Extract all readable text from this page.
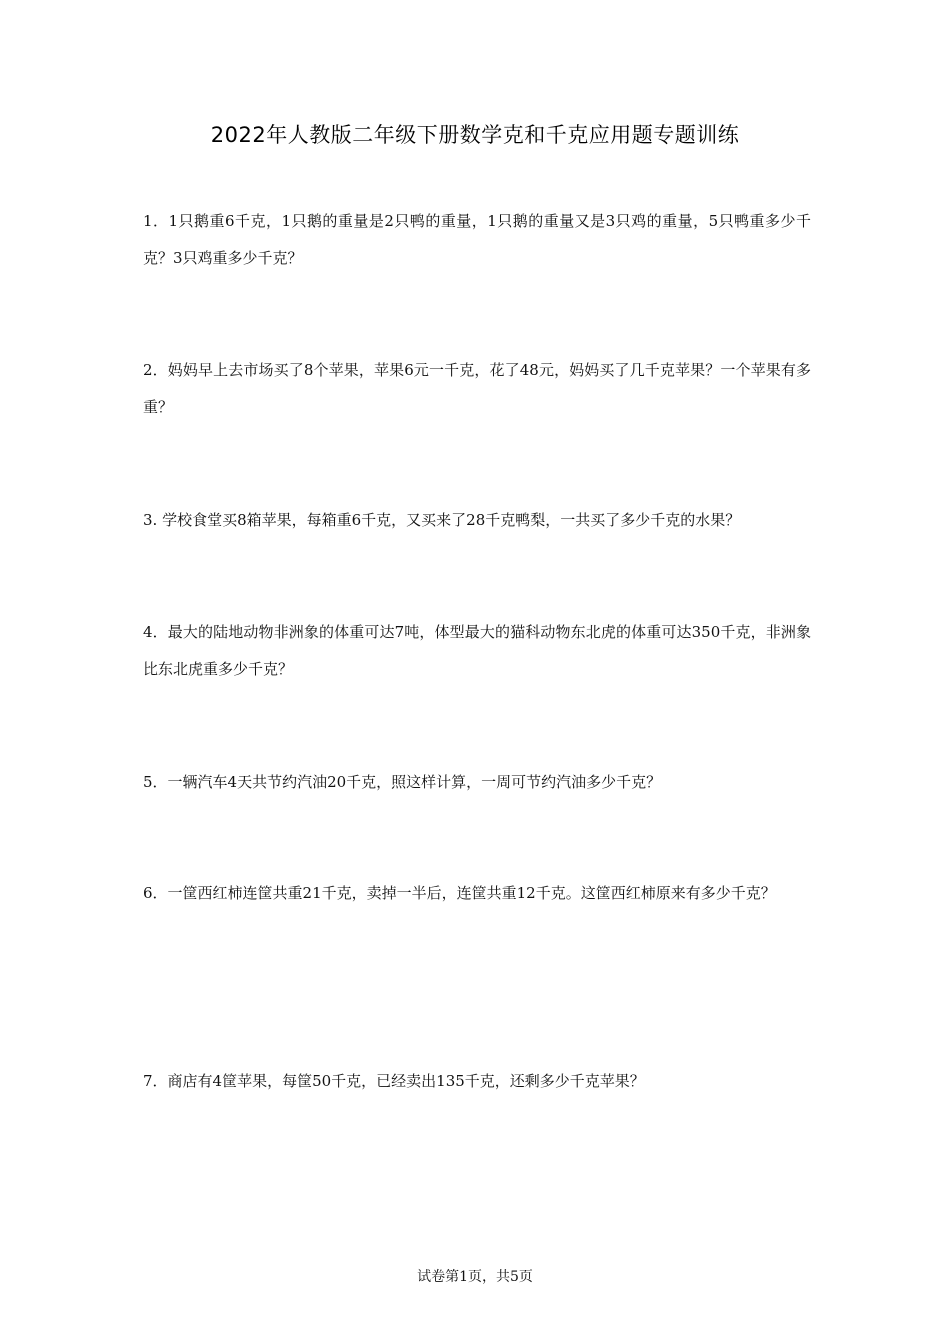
2022年人教版二年级下册数学克和千克应用题专题训练
1．1只鹅重6千克，1只鹅的重量是2只鸭的重量，1只鹅的重量又是3只鸡的重量，5只鸭重多少千克？3只鸡重多少千克？
2．妈妈早上去市场买了8个苹果，苹果6元一千克，花了48元，妈妈买了几千克苹果？一个苹果有多重？
3. 学校食堂买8箱苹果，每箱重6千克，又买来了28千克鸭梨，一共买了多少千克的水果？
4．最大的陆地动物非洲象的体重可达7吨，体型最大的猫科动物东北虎的体重可达350千克，非洲象比东北虎重多少千克？
5．一辆汽车4天共节约汽油20千克，照这样计算，一周可节约汽油多少千克？
6．一筐西红柿连筐共重21千克，卖掉一半后，连筐共重12千克。这筐西红柿原来有多少千克？
7．商店有4筐苹果，每筐50千克，已经卖出135千克，还剩多少千克苹果？
试卷第1页，共5页
